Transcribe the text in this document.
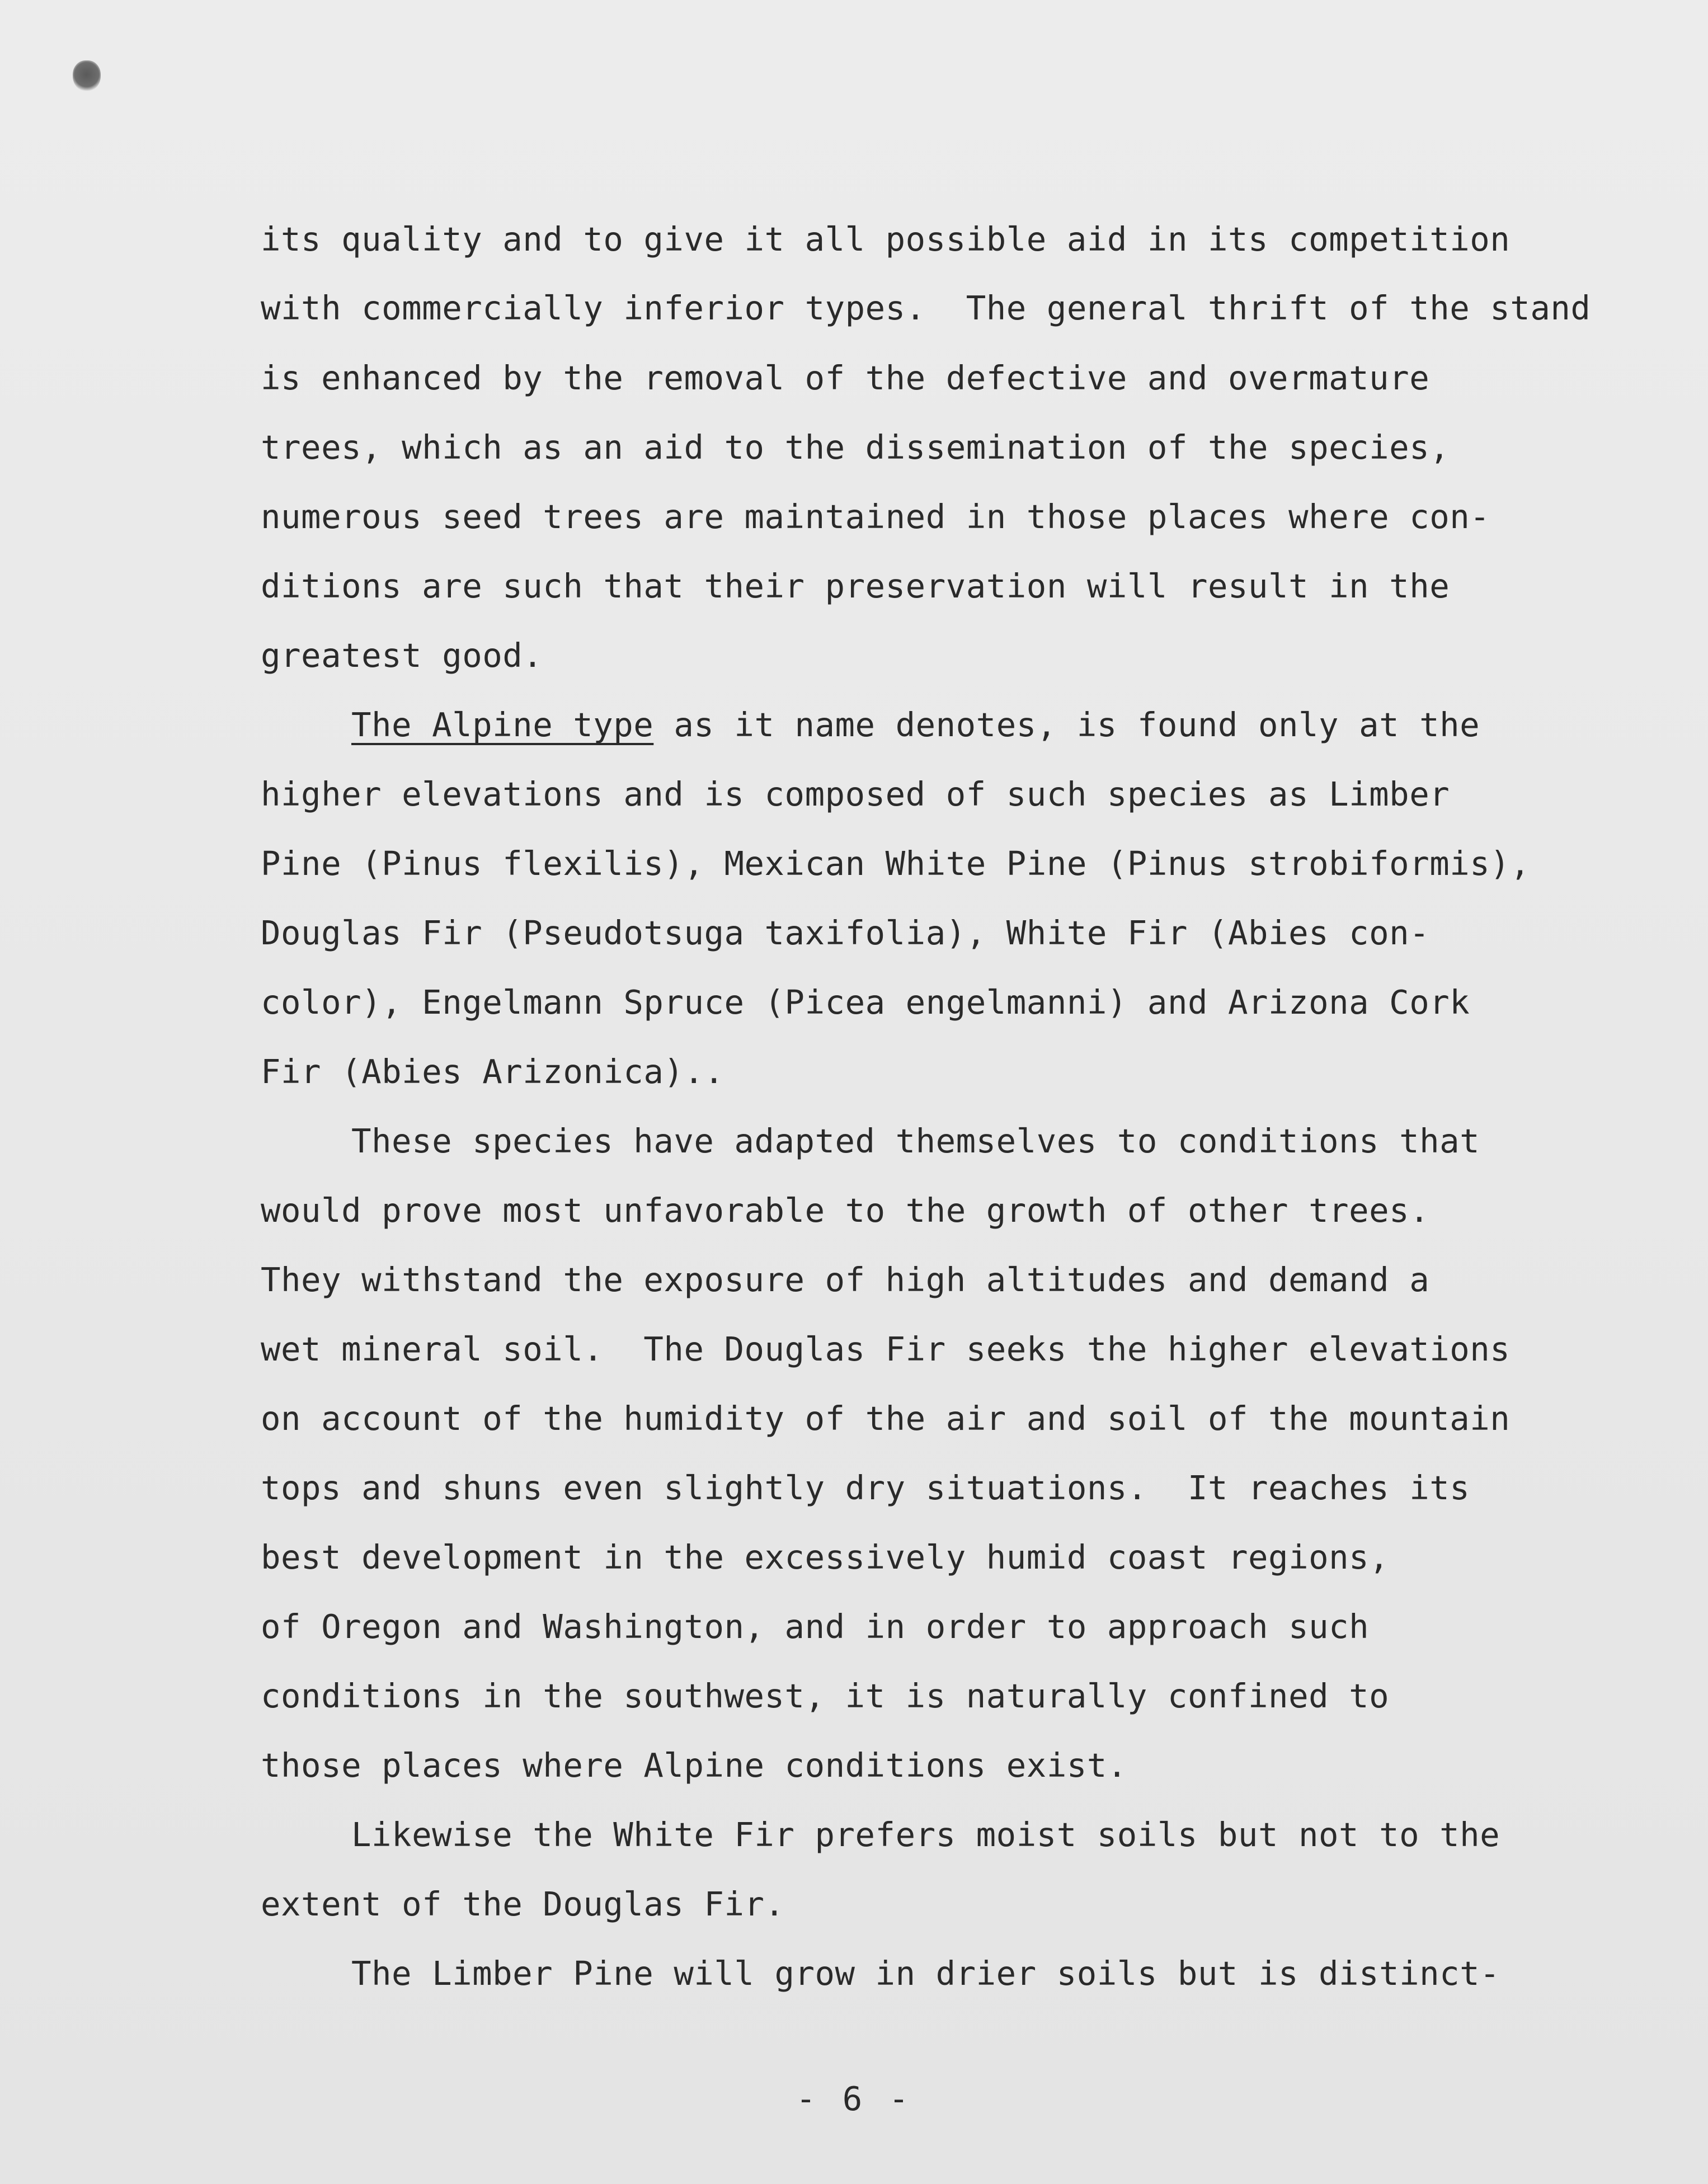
its quality and to give it all possible aid in its competition
with commercially inferior types.  The general thrift of the stand
is enhanced by the removal of the defective and overmature
trees, which as an aid to the dissemination of the species,
numerous seed trees are maintained in those places where con-
ditions are such that their preservation will result in the
greatest good.
The Alpine type as it name denotes, is found only at the
higher elevations and is composed of such species as Limber
Pine (Pinus flexilis), Mexican White Pine (Pinus strobiformis),
Douglas Fir (Pseudotsuga taxifolia), White Fir (Abies con-
color), Engelmann Spruce (Picea engelmanni) and Arizona Cork
Fir (Abies Arizonica)..
These species have adapted themselves to conditions that
would prove most unfavorable to the growth of other trees.
They withstand the exposure of high altitudes and demand a
wet mineral soil.  The Douglas Fir seeks the higher elevations
on account of the humidity of the air and soil of the mountain
tops and shuns even slightly dry situations.  It reaches its
best development in the excessively humid coast regions,
of Oregon and Washington, and in order to approach such
conditions in the southwest, it is naturally confined to
those places where Alpine conditions exist.
Likewise the White Fir prefers moist soils but not to the
extent of the Douglas Fir.
The Limber Pine will grow in drier soils but is distinct-
- 6 -
